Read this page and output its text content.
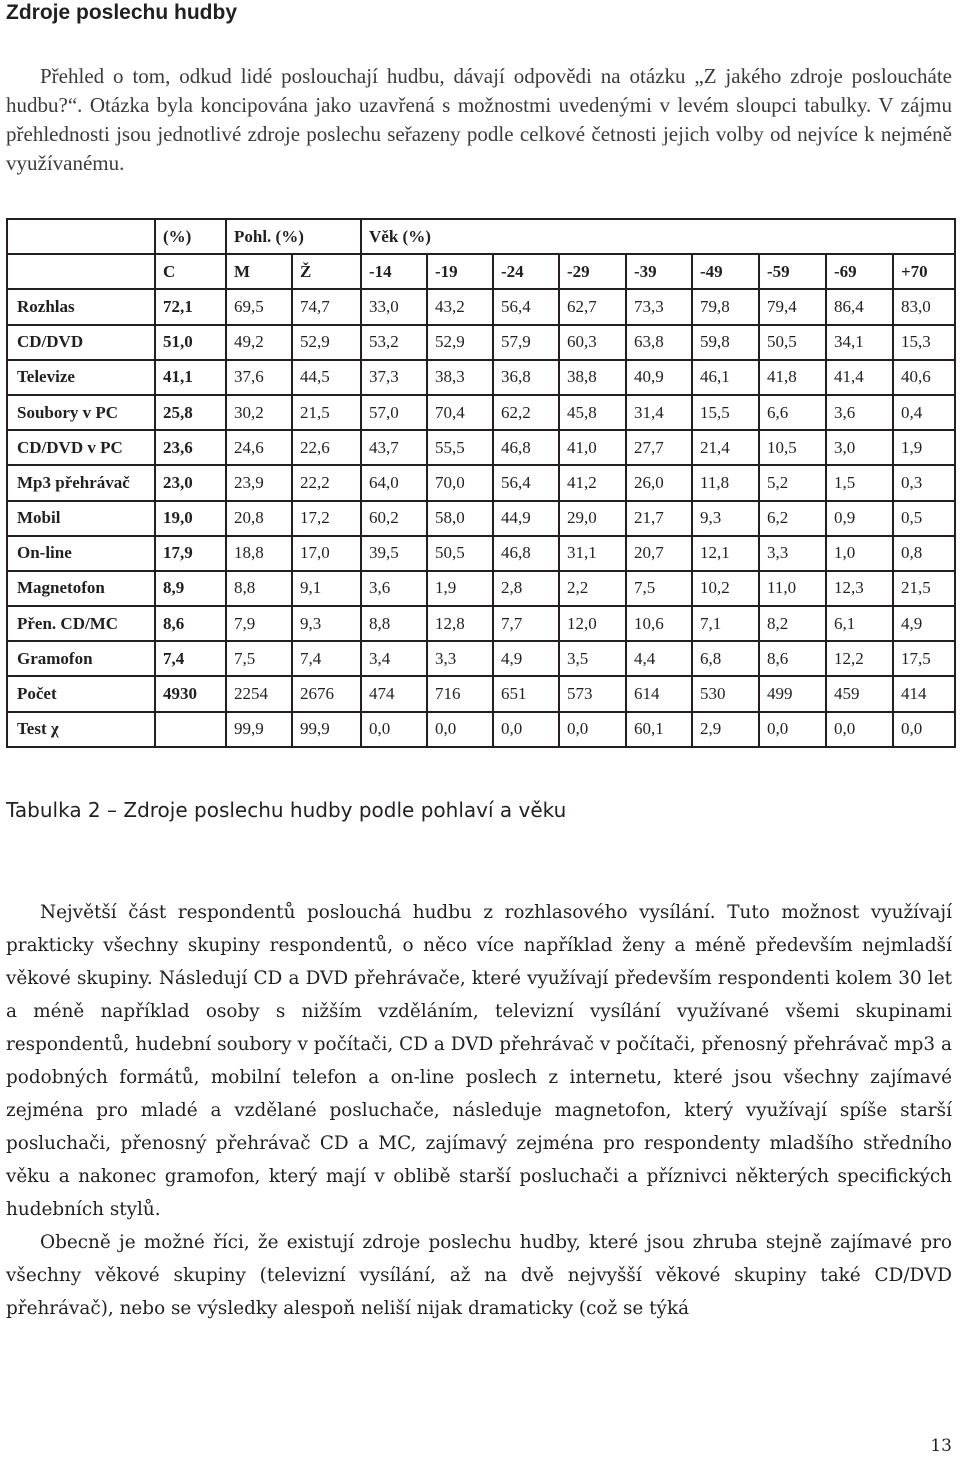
Zdroje poslechu hudby

Přehled o tom, odkud lidé poslouchají hudbu, dávají odpovědi na otázku „Z jakého zdroje posloucháte hudbu?“. Otázka byla koncipována jako uzavřená s možnostmi uvedenými v levém sloupci tabulky. V zájmu přehlednosti jsou jednotlivé zdroje poslechu seřazeny podle celkové četnosti jejich volby od nejvíce k nejméně využívanému.

	(%)	Pohl. (%)		Věk (%)								
	C	M	Ž	-14	-19	-24	-29	-39	-49	-59	-69	+70
Rozhlas	72,1	69,5	74,7	33,0	43,2	56,4	62,7	73,3	79,8	79,4	86,4	83,0
CD/DVD	51,0	49,2	52,9	53,2	52,9	57,9	60,3	63,8	59,8	50,5	34,1	15,3
Televize	41,1	37,6	44,5	37,3	38,3	36,8	38,8	40,9	46,1	41,8	41,4	40,6
Soubory v PC	25,8	30,2	21,5	57,0	70,4	62,2	45,8	31,4	15,5	6,6	3,6	0,4
CD/DVD v PC	23,6	24,6	22,6	43,7	55,5	46,8	41,0	27,7	21,4	10,5	3,0	1,9
Mp3 přehrávač	23,0	23,9	22,2	64,0	70,0	56,4	41,2	26,0	11,8	5,2	1,5	0,3
Mobil	19,0	20,8	17,2	60,2	58,0	44,9	29,0	21,7	9,3	6,2	0,9	0,5
On-line	17,9	18,8	17,0	39,5	50,5	46,8	31,1	20,7	12,1	3,3	1,0	0,8
Magnetofon	8,9	8,8	9,1	3,6	1,9	2,8	2,2	7,5	10,2	11,0	12,3	21,5
Přen. CD/MC	8,6	7,9	9,3	8,8	12,8	7,7	12,0	10,6	7,1	8,2	6,1	4,9
Gramofon	7,4	7,5	7,4	3,4	3,3	4,9	3,5	4,4	6,8	8,6	12,2	17,5
Počet	4930	2254	2676	474	716	651	573	614	530	499	459	414
Test χ		99,9	99,9	0,0	0,0	0,0	0,0	60,1	2,9	0,0	0,0	0,0

Tabulka 2 – Zdroje poslechu hudby podle pohlaví a věku

Největší část respondentů poslouchá hudbu z rozhlasového vysílání. Tuto možnost využívají prakticky všechny skupiny respondentů, o něco více například ženy a méně především nejmladší věkové skupiny. Následují CD a DVD přehrávače, které využívají především respondenti kolem 30 let a méně například osoby s nižším vzděláním, televizní vysílání využívané všemi skupinami respondentů, hudební soubory v počítači, CD a DVD přehrávač v počítači, přenosný přehrávač mp3 a podobných formátů, mobilní telefon a on-line poslech z internetu, které jsou všechny zajímavé zejména pro mladé a vzdělané posluchače, následuje magnetofon, který využívají spíše starší posluchači, přenosný přehrávač CD a MC, zajímavý zejména pro respondenty mladšího středního věku a nakonec gramofon, který mají v oblibě starší posluchači a příznivci některých specifických hudebních stylů.

Obecně je možné říci, že existují zdroje poslechu hudby, které jsou zhruba stejně zajímavé pro všechny věkové skupiny (televizní vysílání, až na dvě nejvyšší věkové skupiny také CD/DVD přehrávač), nebo se výsledky alespoň neliší nijak dramaticky (což se týká

13
